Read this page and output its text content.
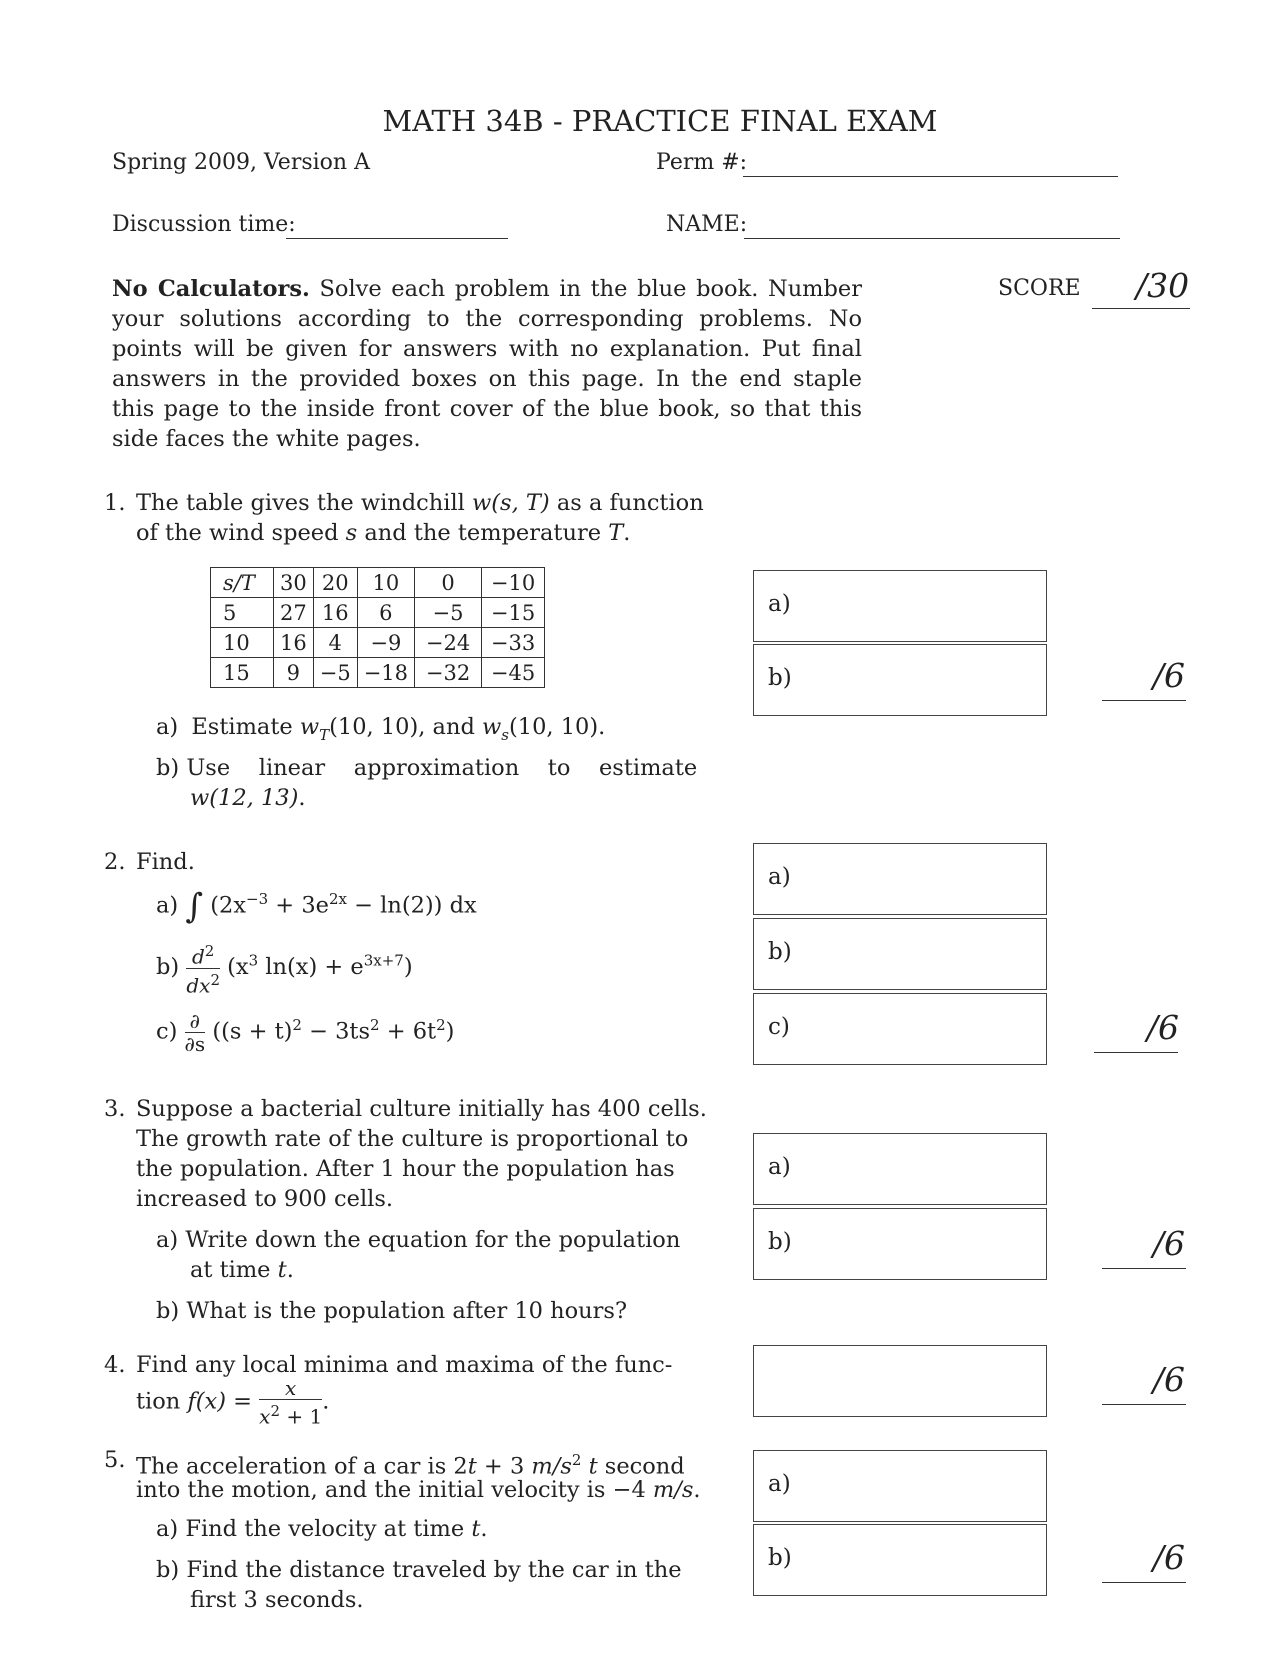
MATH 34B - PRACTICE FINAL EXAM
Spring 2009, Version A	Perm #:
Discussion time:	NAME:
No Calculators. Solve each problem in the blue book. Number your solutions according to the corresponding problems. No points will be given for answers with no explanation. Put final answers in the provided boxes on this page. In the end staple this page to the inside front cover of the blue book, so that this side faces the white pages.
SCORE /30
1. The table gives the windchill w(s, T) as a function
of the wind speed s and the temperature T.
s/T	30	20	10	0	−10
5	27	16	6	−5	−15
10	16	4	−9	−24	−33
15	9	−5	−18	−32	−45
a) Estimate $w_T(10$, 10), and $w_s(10$, 10).
b) Use    linear    approximation    to    estimate
w(12, 13).
2. Find.
a) ∫ $(2x^{-3} + 3e^{2x} - \ln(2))$ dx
$b) \frac{d^2}{dx^2} (x^3$ $\ln(x) + e^{3x+7}$)
$c) \frac{\partial}{\partial s} ((s + t)^2 - 3ts^2 + 6t^2)$
3. Suppose a bacterial culture initially has 400 cells.
The growth rate of the culture is proportional to
the population. After 1 hour the population has
increased to 900 cells.
a) Write down the equation for the population
at time t.
b) What is the population after 10 hours?
4. Find any local minima and maxima of the func-
tion $f(x) = \frac{x}{x^2 + 1}$ .
5. The acceleration of a car is 2t + 3 $m/s^2$ t second
into the motion, and the initial velocity is −4 m/s.
a) Find the velocity at time t.
b) Find the distance traveled by the car in the
first 3 seconds.
a)
b)
a)
b)
c)
a)
b)
a)
b)
/6
/6
/6
/6
/6
